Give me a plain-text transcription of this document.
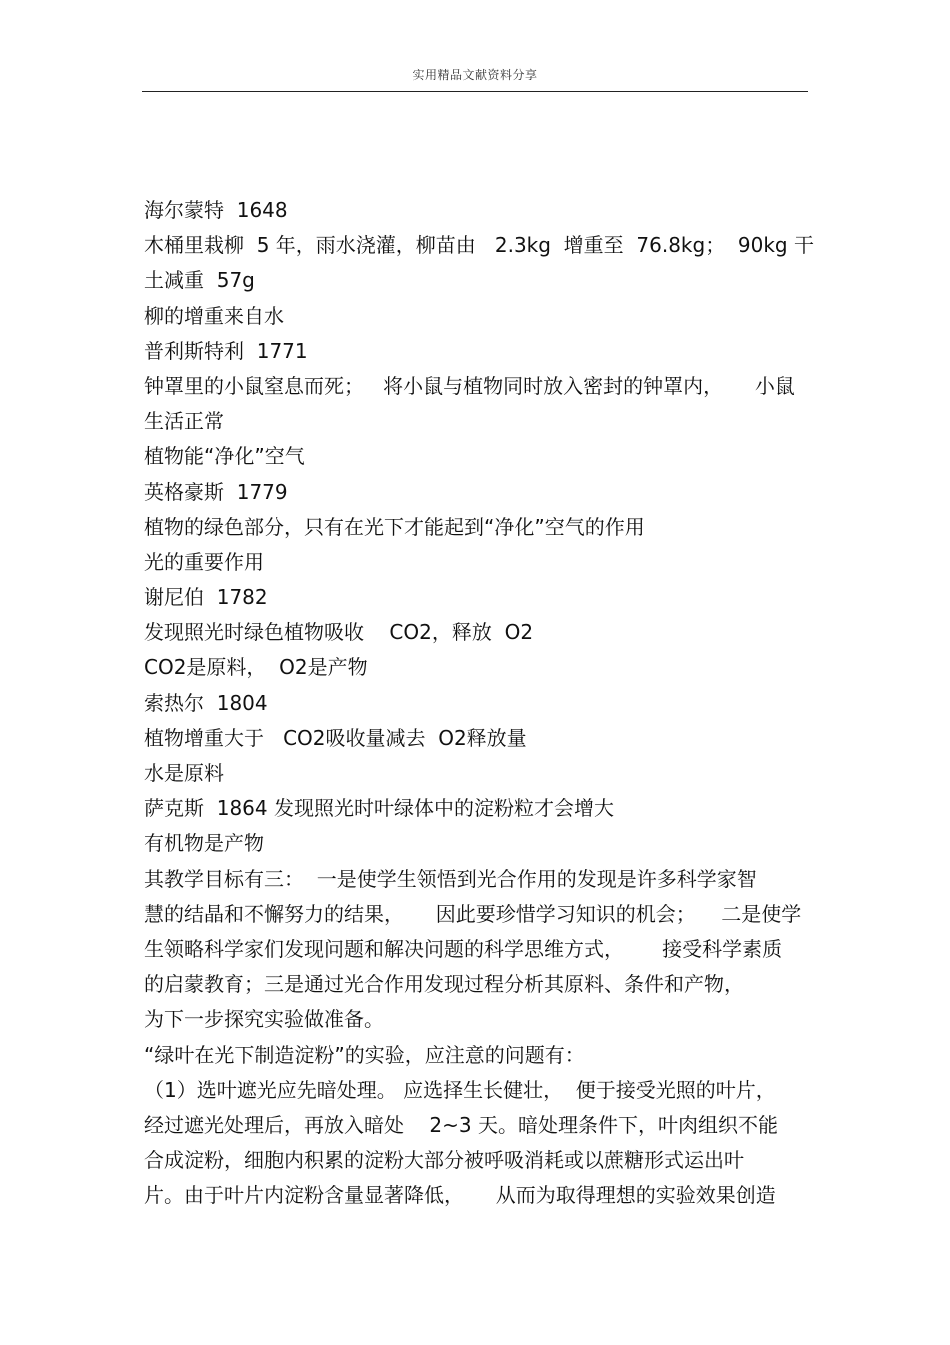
实用精品文献资料分享
海尔蒙特  1648
木桶里栽柳  5 年，雨水浇灌，柳苗由   2.3kg  增重至  76.8kg；  90kg 干
土减重  57g
柳的增重来自水
普利斯特利  1771
钟罩里的小鼠窒息而死；   将小鼠与植物同时放入密封的钟罩内，     小鼠
生活正常
植物能“净化”空气
英格豪斯  1779
植物的绿色部分，只有在光下才能起到“净化”空气的作用
光的重要作用
谢尼伯  1782
发现照光时绿色植物吸收    CO2，释放  O2
CO2是原料，  O2是产物
索热尔  1804
植物增重大于   CO2吸收量减去  O2释放量
水是原料
萨克斯  1864 发现照光时叶绿体中的淀粉粒才会增大
有机物是产物
其教学目标有三：  一是使学生领悟到光合作用的发现是许多科学家智
慧的结晶和不懈努力的结果，     因此要珍惜学习知识的机会；    二是使学
生领略科学家们发现问题和解决问题的科学思维方式，      接受科学素质
的启蒙教育；三是通过光合作用发现过程分析其原料、条件和产物，
为下一步探究实验做准备。
“绿叶在光下制造淀粉”的实验，应注意的问题有：
（1）选叶遮光应先暗处理。 应选择生长健壮，  便于接受光照的叶片，
经过遮光处理后，再放入暗处    2~3 天。暗处理条件下，叶肉组织不能
合成淀粉，细胞内积累的淀粉大部分被呼吸消耗或以蔗糖形式运出叶
片。由于叶片内淀粉含量显著降低，     从而为取得理想的实验效果创造
